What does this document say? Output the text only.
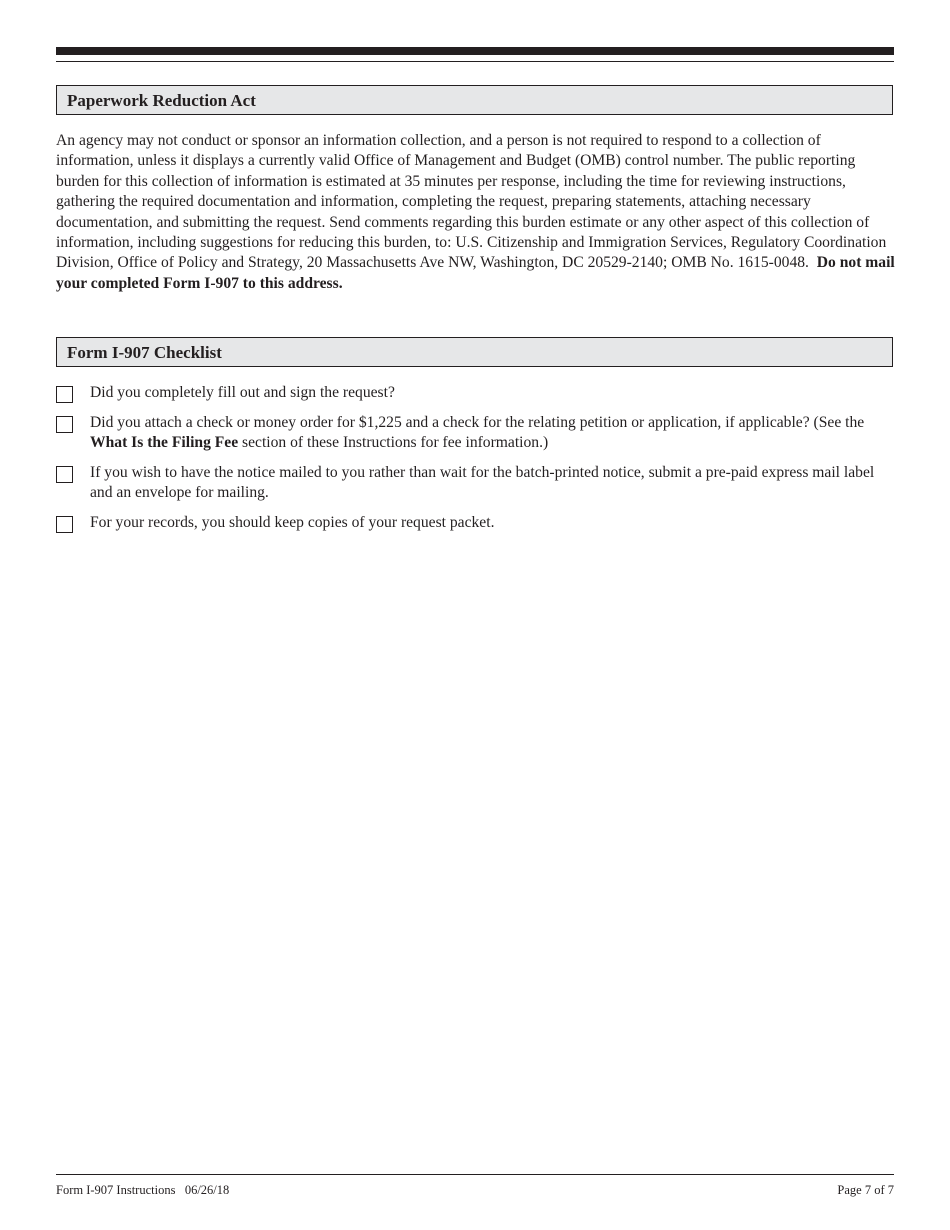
Paperwork Reduction Act

An agency may not conduct or sponsor an information collection, and a person is not required to respond to a collection of information, unless it displays a currently valid Office of Management and Budget (OMB) control number. The public reporting burden for this collection of information is estimated at 35 minutes per response, including the time for reviewing instructions, gathering the required documentation and information, completing the request, preparing statements, attaching necessary documentation, and submitting the request. Send comments regarding this burden estimate or any other aspect of this collection of information, including suggestions for reducing this burden, to: U.S. Citizenship and Immigration Services, Regulatory Coordination Division, Office of Policy and Strategy, 20 Massachusetts Ave NW, Washington, DC 20529-2140; OMB No. 1615-0048. Do not mail your completed Form I-907 to this address.

Form I-907 Checklist
Did you completely fill out and sign the request?
Did you attach a check or money order for $1,225 and a check for the relating petition or application, if applicable? (See the What Is the Filing Fee section of these Instructions for fee information.)
If you wish to have the notice mailed to you rather than wait for the batch-printed notice, submit a pre-paid express mail label and an envelope for mailing.
For your records, you should keep copies of your request packet.
Form I-907 Instructions 06/26/18	Page 7 of 7
